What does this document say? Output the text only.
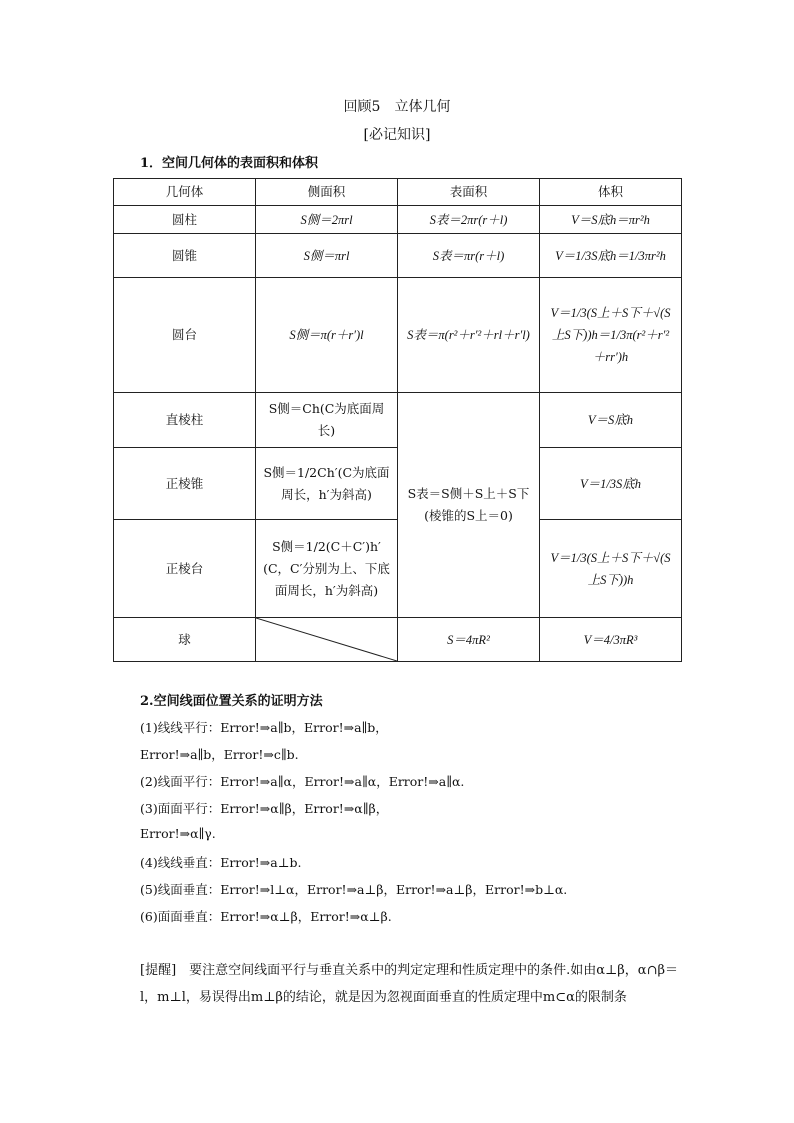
回顾5　立体几何
[必记知识]
1．空间几何体的表面积和体积
几何体	侧面积	表面积	体积
圆柱	S侧＝2πrl	S表＝2πr(r＋l)	V＝S底h＝πr²h
圆锥	S侧＝πrl	S表＝πr(r＋l)	V＝1/3S底h＝1/3πr²h
圆台	S侧＝π(r＋r′)l	S表＝π(r²＋r′²＋rl＋r′l)	V＝1/3(S上＋S下＋√(S上S下))h＝1/3π(r²＋r′²＋rr′)h
直棱柱	S侧＝Ch(C为底面周长)	S表＝S侧＋S上＋S下(棱锥的S上＝0)	V＝S底h
正棱锥	S侧＝1/2Ch′(C为底面周长，h′为斜高)		V＝1/3S底h
正棱台	S侧＝1/2(C＋C′)h′(C，C′分别为上、下底面周长，h′为斜高)		V＝1/3(S上＋S下＋√(S上S下))h
球		S＝4πR²	V＝4/3πR³
2.空间线面位置关系的证明方法
(1)线线平行：Error!⇒a∥b，Error!⇒a∥b，
Error!⇒a∥b，Error!⇒c∥b.
(2)线面平行：Error!⇒a∥α，Error!⇒a∥α，Error!⇒a∥α.
(3)面面平行：Error!⇒α∥β，Error!⇒α∥β，
Error!⇒α∥γ.
(4)线线垂直：Error!⇒a⊥b.
(5)线面垂直：Error!⇒l⊥α，Error!⇒a⊥β，Error!⇒a⊥β，Error!⇒b⊥α.
(6)面面垂直：Error!⇒α⊥β，Error!⇒α⊥β.
[提醒]　要注意空间线面平行与垂直关系中的判定定理和性质定理中的条件.如由α⊥β，α∩β＝l，m⊥l，易误得出m⊥β的结论，就是因为忽视面面垂直的性质定理中m⊂α的限制条
